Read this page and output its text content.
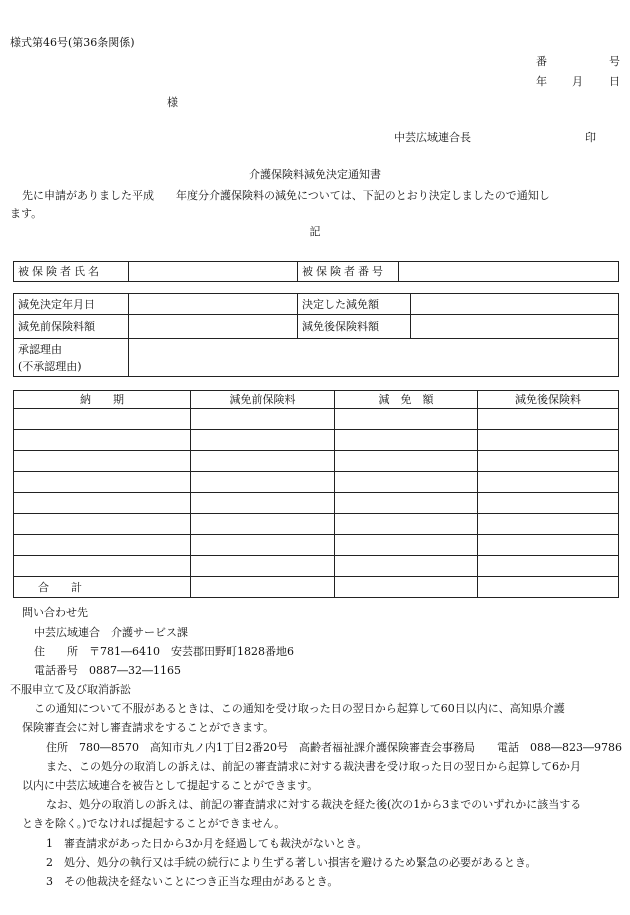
様式第46号(第36条関係)
番	号
年 月 日
様
中芸広域連合長	印
介護保険料減免決定通知書
先に申請がありました平成　　年度分介護保険料の減免については、下記のとおり決定しましたので通知し
ます。
記
被保険者氏名		被保険者番号	
減免決定年月日		決定した減免額	
減免前保険料額		減免後保険料額	

承認理由
(不承認理由)			

納　　期	減免前保険料	減　免　額	減免後保険料

合　　計			
問い合わせ先
中芸広域連合　介護サービス課
住　　所　〒781―6410　安芸郡田野町1828番地6
電話番号　0887―32―1165
不服申立て及び取消訴訟
この通知について不服があるときは、この通知を受け取った日の翌日から起算して60日以内に、高知県介護
保険審査会に対し審査請求をすることができます。
住所　780―8570　高知市丸ノ内1丁目2番20号　高齢者福祉課介護保険審査会事務局　　電話　088―823―9786
また、この処分の取消しの訴えは、前記の審査請求に対する裁決書を受け取った日の翌日から起算して6か月
以内に中芸広域連合を被告として提起することができます。
なお、処分の取消しの訴えは、前記の審査請求に対する裁決を経た後(次の1から3までのいずれかに該当する
ときを除く。)でなければ提起することができません。
1　審査請求があった日から3か月を経過しても裁決がないとき。
2　処分、処分の執行又は手続の続行により生ずる著しい損害を避けるため緊急の必要があるとき。
3　その他裁決を経ないことにつき正当な理由があるとき。
